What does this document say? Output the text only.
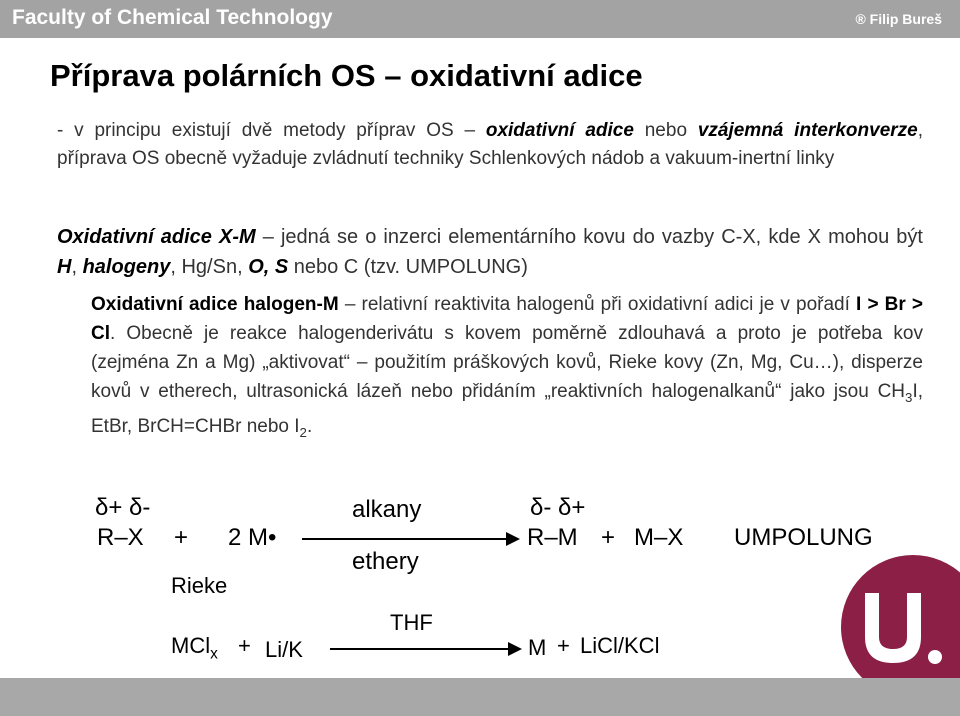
Faculty of Chemical Technology	® Filip Bureš
Příprava polárních OS – oxidativní adice

- v principu existují dvě metody příprav OS – oxidativní adice nebo vzájemná interkonverze, příprava OS obecně vyžaduje zvládnutí techniky Schlenkových nádob a vakuum-inertní linky

Oxidativní adice X-M – jedná se o inzerci elementárního kovu do vazby C-X, kde X mohou být H, halogeny, Hg/Sn, O, S nebo C (tzv. UMPOLUNG)

Oxidativní adice halogen-M – relativní reaktivita halogenů při oxidativní adici je v pořadí I > Br > Cl. Obecně je reakce halogenderivátu s kovem poměrně zdlouhavá a proto je potřeba kov (zejména Zn a Mg) „aktivovat“ – použitím práškových kovů, Rieke kovy (Zn, Mg, Cu…), disperze kovů v etherech, ultrasonická lázeň nebo přidáním „reaktivních halogenalkanů“ jako jsou $CH_3I$, EtBr, BrCH=CHBr nebo $I_2$.

δ+ δ-
R–X + 2 M•
alkany
ethery
δ- δ+
R–M + M–X UMPOLUNG
Rieke
MCl$_x$ + Li/K
THF
M + LiCl/KCl
